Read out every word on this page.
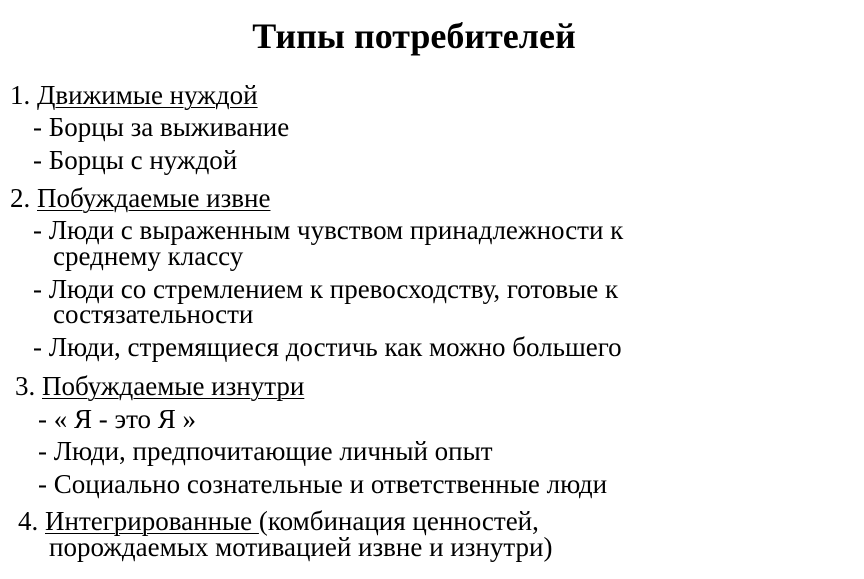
Типы потребителей
1. Движимые нуждой
- Борцы за выживание
- Борцы с нуждой
2. Побуждаемые извне
- Люди с выраженным чувством принадлежности к
среднему классу
- Люди со стремлением к превосходству, готовые к
состязательности
- Люди, стремящиеся достичь как можно большего
3. Побуждаемые изнутри
- « Я - это Я »
- Люди, предпочитающие личный опыт
- Социально сознательные и ответственные люди
4. Интегрированные (комбинация ценностей,
порождаемых мотивацией извне и изнутри)
